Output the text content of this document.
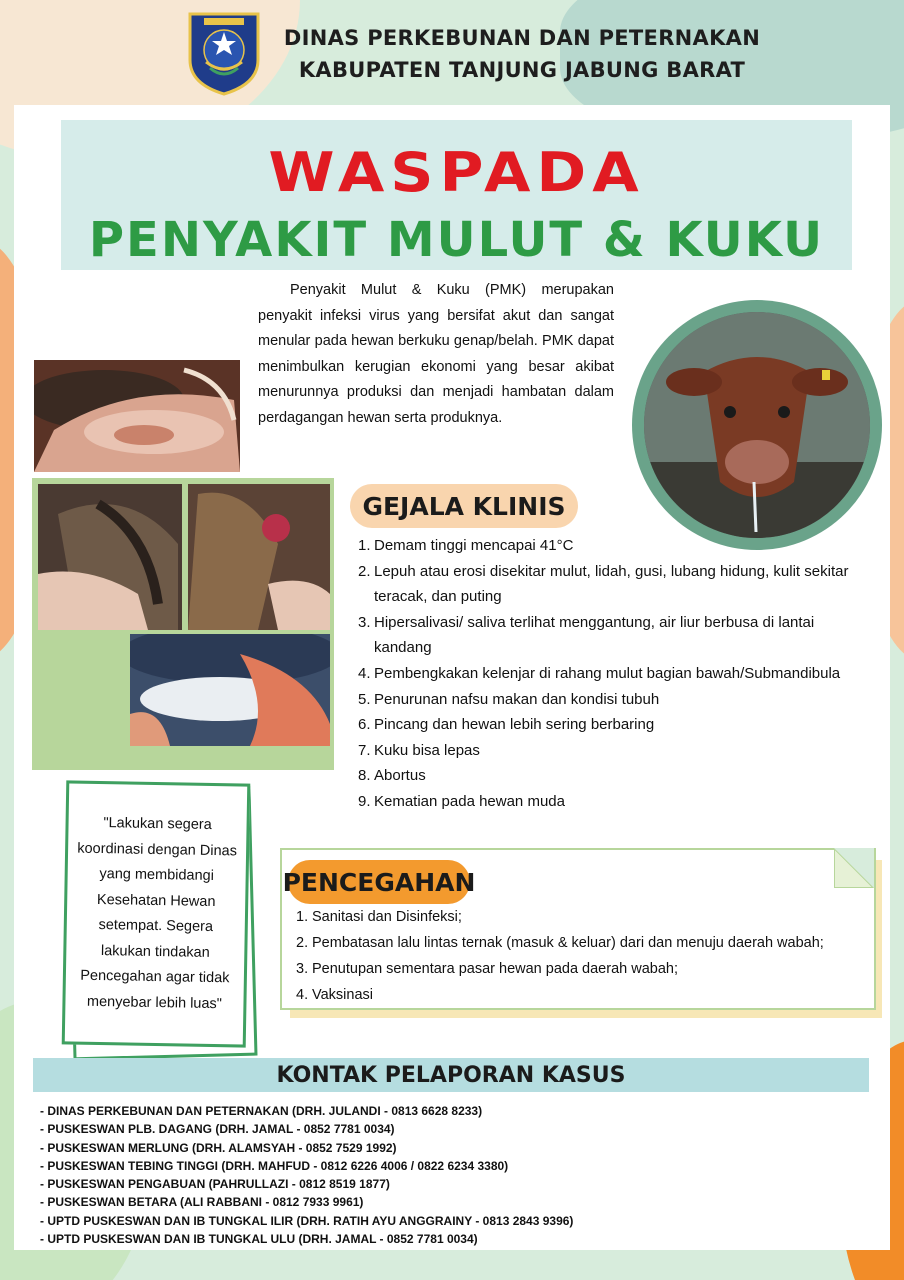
DINAS PERKEBUNAN DAN PETERNAKAN
KABUPATEN TANJUNG JABUNG BARAT
WASPADA
PENYAKIT MULUT & KUKU
Penyakit Mulut & Kuku (PMK) merupakan penyakit infeksi virus yang bersifat akut dan sangat menular pada hewan berkuku genap/belah. PMK dapat menimbulkan kerugian ekonomi yang besar akibat menurunnya produksi dan menjadi hambatan dalam perdagangan hewan serta produknya.
GEJALA KLINIS
1. Demam tinggi mencapai 41°C
2. Lepuh atau erosi disekitar mulut, lidah, gusi, lubang hidung, kulit sekitar teracak, dan puting
3. Hipersalivasi/ saliva terlihat menggantung, air liur berbusa di lantai kandang
4. Pembengkakan kelenjar di rahang mulut bagian bawah/Submandibula
5. Penurunan nafsu makan dan kondisi tubuh
6. Pincang dan hewan lebih sering berbaring
7. Kuku bisa lepas
8. Abortus
9. Kematian pada hewan muda
"Lakukan segera koordinasi dengan Dinas yang membidangi Kesehatan Hewan setempat. Segera lakukan tindakan Pencegahan agar tidak menyebar lebih luas"
PENCEGAHAN
1. Sanitasi dan Disinfeksi;
2. Pembatasan lalu lintas ternak (masuk & keluar) dari dan menuju daerah wabah;
3. Penutupan sementara pasar hewan pada daerah wabah;
4. Vaksinasi
KONTAK PELAPORAN KASUS
- DINAS PERKEBUNAN DAN PETERNAKAN (DRH. JULANDI - 0813 6628 8233)
- PUSKESWAN PLB. DAGANG (DRH. JAMAL - 0852 7781 0034)
- PUSKESWAN MERLUNG (DRH. ALAMSYAH - 0852 7529 1992)
- PUSKESWAN TEBING TINGGI (DRH. MAHFUD - 0812 6226 4006 / 0822 6234 3380)
- PUSKESWAN PENGABUAN (PAHRULLAZI - 0812 8519 1877)
- PUSKESWAN BETARA (ALI RABBANI - 0812 7933 9961)
- UPTD PUSKESWAN DAN IB TUNGKAL ILIR (DRH. RATIH AYU ANGGRAINY - 0813 2843 9396)
- UPTD PUSKESWAN DAN IB TUNGKAL ULU (DRH. JAMAL - 0852 7781 0034)
